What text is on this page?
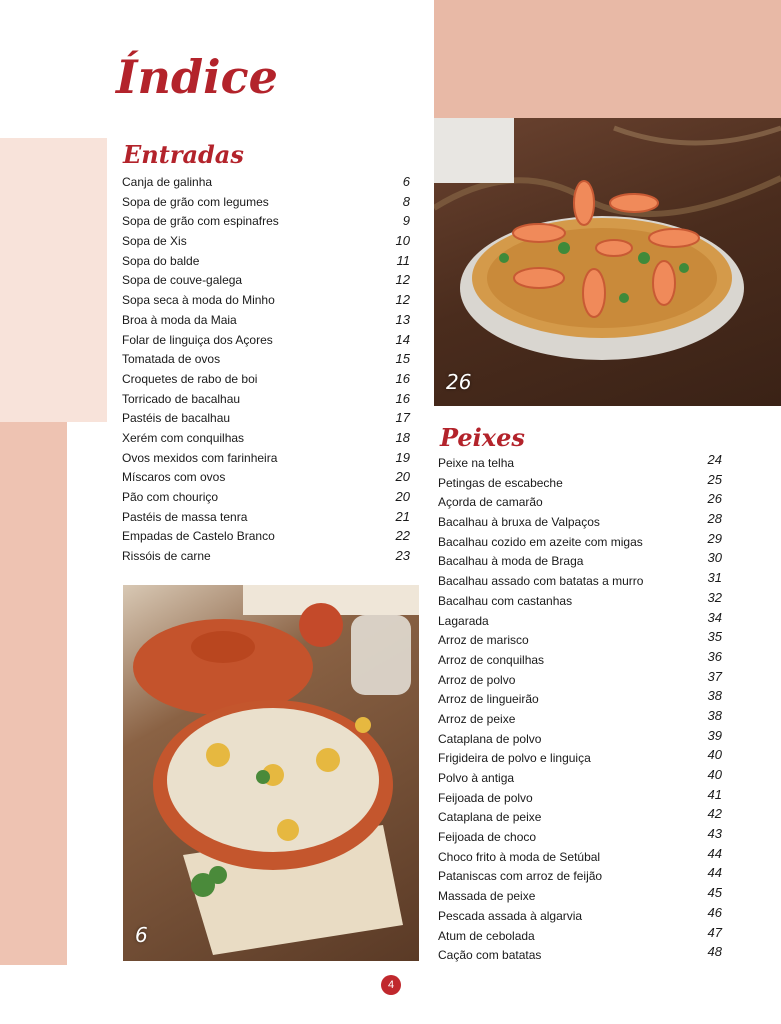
Índice
Entradas
Canja de galinha	6
Sopa de grão com legumes	8
Sopa de grão com espinafres	9
Sopa de Xis	10
Sopa do balde	11
Sopa de couve-galega	12
Sopa seca à moda do Minho	12
Broa à moda da Maia	13
Folar de linguiça dos Açores	14
Tomatada de ovos	15
Croquetes de rabo de boi	16
Torricado de bacalhau	16
Pastéis de bacalhau	17
Xerém com conquilhas	18
Ovos mexidos com farinheira	19
Míscaros com ovos	20
Pão com chouriço	20
Pastéis de massa tenra	21
Empadas de Castelo Branco	22
Rissóis de carne	23
26
Peixes
Peixe na telha	24
Petingas de escabeche	25
Açorda de camarão	26
Bacalhau à bruxa de Valpaços	28
Bacalhau cozido em azeite com migas	29
Bacalhau à moda de Braga	30
Bacalhau assado com batatas a murro	31
Bacalhau com castanhas	32
Lagarada	34
Arroz de marisco	35
Arroz de conquilhas	36
Arroz de polvo	37
Arroz de lingueirão	38
Arroz de peixe	38
Cataplana de polvo	39
Frigideira de polvo e linguiça	40
Polvo à antiga	40
Feijoada de polvo	41
Cataplana de peixe	42
Feijoada de choco	43
Choco frito à moda de Setúbal	44
Pataniscas com arroz de feijão	44
Massada de peixe	45
Pescada assada à algarvia	46
Atum de cebolada	47
Cação com batatas	48
6
4
